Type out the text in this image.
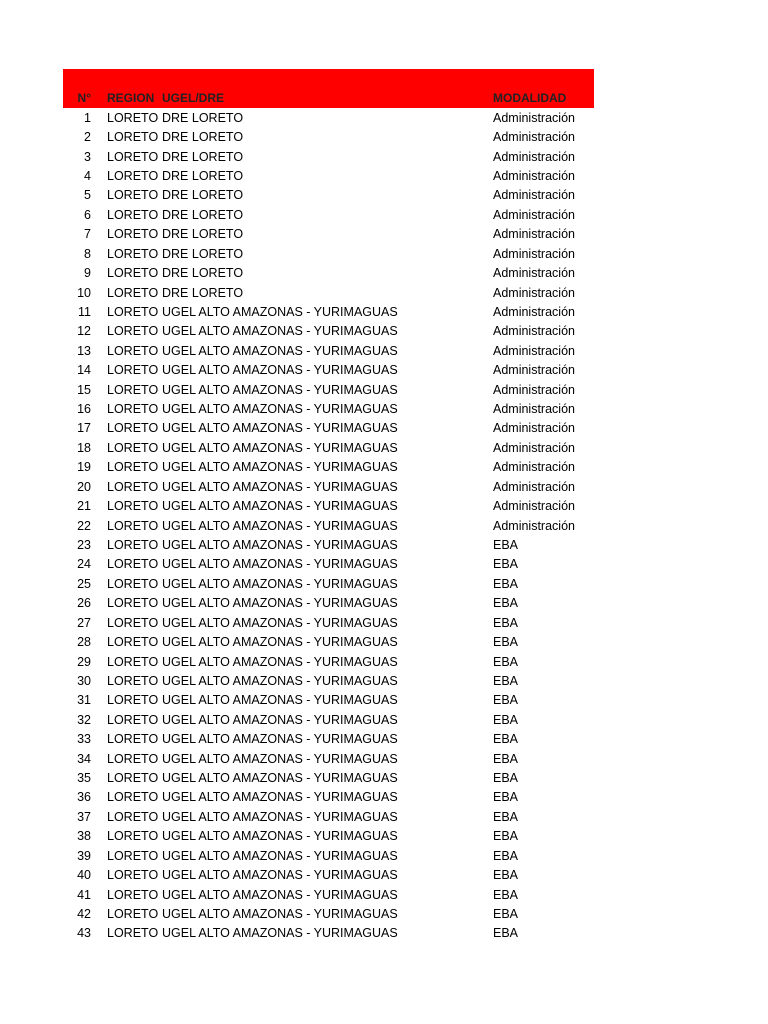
N° REGION UGEL/DRE	MODALIDAD
1 LORETO DRE LORETO	Administración
2 LORETO DRE LORETO	Administración
3 LORETO DRE LORETO	Administración
4 LORETO DRE LORETO	Administración
5 LORETO DRE LORETO	Administración
6 LORETO DRE LORETO	Administración
7 LORETO DRE LORETO	Administración
8 LORETO DRE LORETO	Administración
9 LORETO DRE LORETO	Administración
10 LORETO DRE LORETO	Administración
11 LORETO UGEL ALTO AMAZONAS - YURIMAGUAS	Administración
12 LORETO UGEL ALTO AMAZONAS - YURIMAGUAS	Administración
13 LORETO UGEL ALTO AMAZONAS - YURIMAGUAS	Administración
14 LORETO UGEL ALTO AMAZONAS - YURIMAGUAS	Administración
15 LORETO UGEL ALTO AMAZONAS - YURIMAGUAS	Administración
16 LORETO UGEL ALTO AMAZONAS - YURIMAGUAS	Administración
17 LORETO UGEL ALTO AMAZONAS - YURIMAGUAS	Administración
18 LORETO UGEL ALTO AMAZONAS - YURIMAGUAS	Administración
19 LORETO UGEL ALTO AMAZONAS - YURIMAGUAS	Administración
20 LORETO UGEL ALTO AMAZONAS - YURIMAGUAS	Administración
21 LORETO UGEL ALTO AMAZONAS - YURIMAGUAS	Administración
22 LORETO UGEL ALTO AMAZONAS - YURIMAGUAS	Administración
23 LORETO UGEL ALTO AMAZONAS - YURIMAGUAS	EBA
24 LORETO UGEL ALTO AMAZONAS - YURIMAGUAS	EBA
25 LORETO UGEL ALTO AMAZONAS - YURIMAGUAS	EBA
26 LORETO UGEL ALTO AMAZONAS - YURIMAGUAS	EBA
27 LORETO UGEL ALTO AMAZONAS - YURIMAGUAS	EBA
28 LORETO UGEL ALTO AMAZONAS - YURIMAGUAS	EBA
29 LORETO UGEL ALTO AMAZONAS - YURIMAGUAS	EBA
30 LORETO UGEL ALTO AMAZONAS - YURIMAGUAS	EBA
31 LORETO UGEL ALTO AMAZONAS - YURIMAGUAS	EBA
32 LORETO UGEL ALTO AMAZONAS - YURIMAGUAS	EBA
33 LORETO UGEL ALTO AMAZONAS - YURIMAGUAS	EBA
34 LORETO UGEL ALTO AMAZONAS - YURIMAGUAS	EBA
35 LORETO UGEL ALTO AMAZONAS - YURIMAGUAS	EBA
36 LORETO UGEL ALTO AMAZONAS - YURIMAGUAS	EBA
37 LORETO UGEL ALTO AMAZONAS - YURIMAGUAS	EBA
38 LORETO UGEL ALTO AMAZONAS - YURIMAGUAS	EBA
39 LORETO UGEL ALTO AMAZONAS - YURIMAGUAS	EBA
40 LORETO UGEL ALTO AMAZONAS - YURIMAGUAS	EBA
41 LORETO UGEL ALTO AMAZONAS - YURIMAGUAS	EBA
42 LORETO UGEL ALTO AMAZONAS - YURIMAGUAS	EBA
43 LORETO UGEL ALTO AMAZONAS - YURIMAGUAS	EBA
